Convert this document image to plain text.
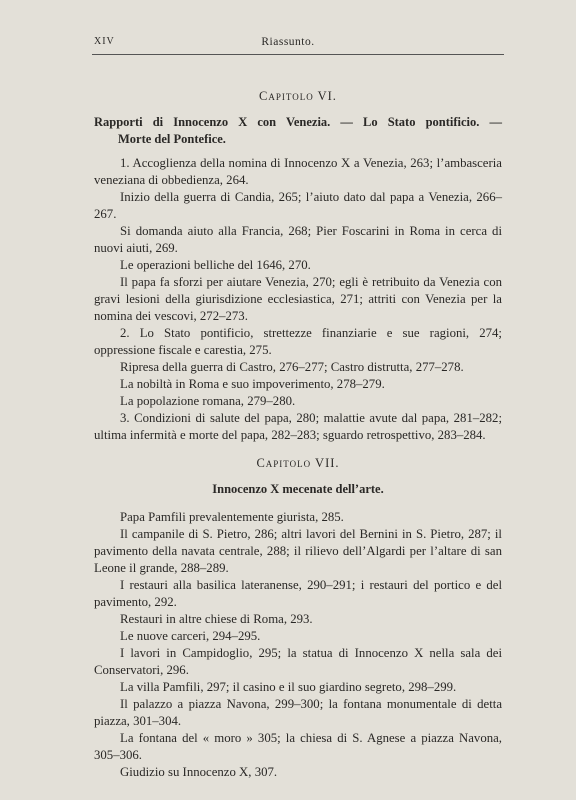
XIV	Riassunto.
Capitolo VI.
Rapporti di Innocenzo X con Venezia. — Lo Stato pontificio. —
Morte del Pontefice.

1. Accoglienza della nomina di Innocenzo X a Venezia, 263; l’ambasceria veneziana di obbedienza, 264.

Inizio della guerra di Candia, 265; l’aiuto dato dal papa a Venezia, 266–267.

Si domanda aiuto alla Francia, 268; Pier Foscarini in Roma in cerca di nuovi aiuti, 269.

Le operazioni belliche del 1646, 270.

Il papa fa sforzi per aiutare Venezia, 270; egli è retribuito da Venezia con gravi lesioni della giurisdizione ecclesiastica, 271; attriti con Venezia per la nomina dei vescovi, 272–273.

2. Lo Stato pontificio, strettezze finanziarie e sue ragioni, 274; oppressione fiscale e carestia, 275.

Ripresa della guerra di Castro, 276–277; Castro distrutta, 277–278.

La nobiltà in Roma e suo impoverimento, 278–279.

La popolazione romana, 279–280.

3. Condizioni di salute del papa, 280; malattie avute dal papa, 281–282; ultima infermità e morte del papa, 282–283; sguardo retrospettivo, 283–284.

Capitolo VII.
Innocenzo X mecenate dell’arte.

Papa Pamfili prevalentemente giurista, 285.

Il campanile di S. Pietro, 286; altri lavori del Bernini in S. Pietro, 287; il pavimento della navata centrale, 288; il rilievo dell’Algardi per l’altare di san Leone il grande, 288–289.

I restauri alla basilica lateranense, 290–291; i restauri del portico e del pavimento, 292.

Restauri in altre chiese di Roma, 293.

Le nuove carceri, 294–295.

I lavori in Campidoglio, 295; la statua di Innocenzo X nella sala dei Conservatori, 296.

La villa Pamfili, 297; il casino e il suo giardino segreto, 298–299.

Il palazzo a piazza Navona, 299–300; la fontana monumentale di detta piazza, 301–304.

La fontana del « moro » 305; la chiesa di S. Agnese a piazza Navona, 305–306.

Giudizio su Innocenzo X, 307.
